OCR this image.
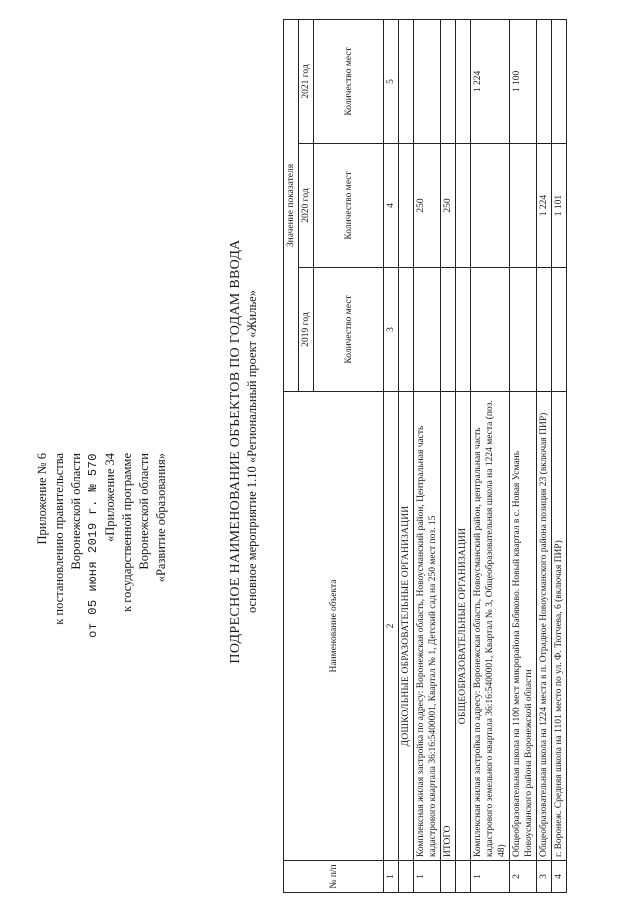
Приложение № 6 к постановлению правительства Воронежской области от 05 июня 2019 г. № 570 «Приложение 34 к государственной программе Воронежской области «Развитие образования»	ПОДРЕСНОЕ НАИМЕНОВАНИЕ ОБЪЕКТОВ ПО ГОДАМ ВВОДА основное мероприятие 1.10 «Региональный проект «Жилье»
№ п/п	Наименование объекта	Значение показателя		
		2019 год	2020 год	2021 год
		Количество мест	Количество мест	Количество мест
1	2	3	4	5
	ДОШКОЛЬНЫЕ ОБРАЗОВАТЕЛЬНЫЕ ОРГАНИЗАЦИИ			
1	Комплексная жилая застройка по адресу: Воронежская область, Новоусманский район, Центральная часть кадастрового квартала 36:16:5400001, Квартал № 1, Детский сад на 250 мест поз. 15		250	
	ИТОГО		250	
	ОБЩЕОБРАЗОВАТЕЛЬНЫЕ ОРГАНИЗАЦИИ			
1	Комплексная жилая застройка по адресу: Воронежская область, Новоусманский район, центральная часть кадастрового земельного квартала 36:16:5400001, Квартал № 3, Общеобразовательная школа на 1224 места (поз. 48)			1 224
2	Общеобразовательная школа на 1100 мест микрорайона Бабяково. Новый квартал в с. Новая Усмань Новоусманского района Воронежской области			1 100
3	Общеобразовательная школа на 1224 места в п. Отрадное Новоусманского района позиция 23 (включая ПИР)		1 224	
4	г. Воронеж. Средняя школа на 1101 место по ул. Ф. Тютчева, 6 (включая ПИР)		1 101	
